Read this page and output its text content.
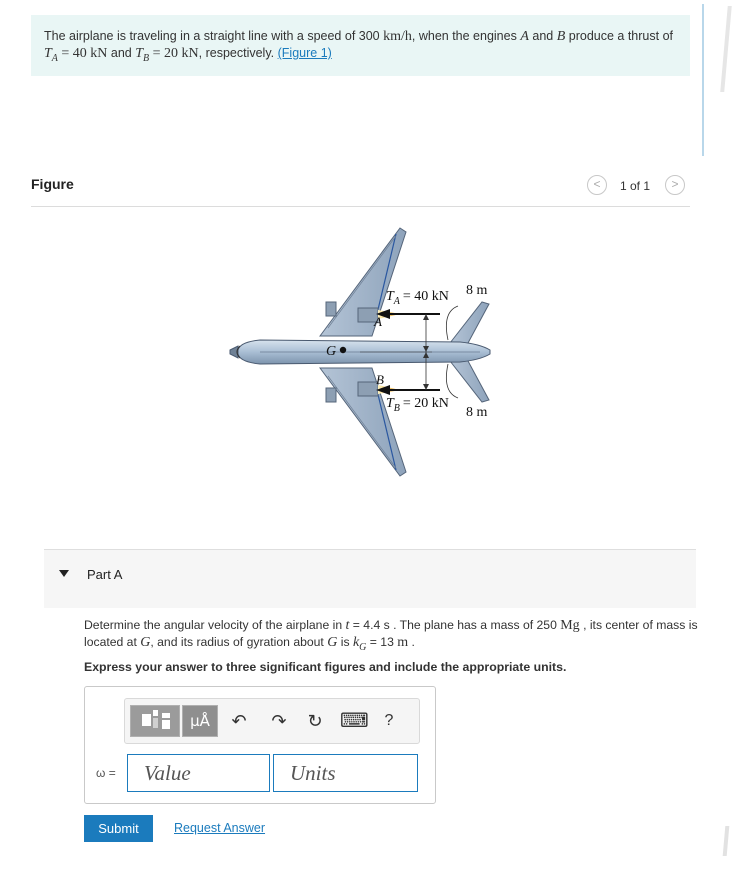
The airplane is traveling in a straight line with a speed of 300 km/h, when the engines A and B produce a thrust of $T_A = 40$ kN and $T_B = 20$ kN, respectively. (Figure 1)
Figure	<	1 of 1	>
$T_A = 40$ kN
$T_B = 20$ kN
8 m
8 m
A
B
G
Part A
Determine the angular velocity of the airplane in t = 4.4 s . The plane has a mass of 250 Mg , its center of mass is located at G, and its radius of gyration about G is $k_G = 13$ m .
Express your answer to three significant figures and include the appropriate units.
μÅ	↶ ↷ ↻ ⌨ ?
ω =	Value	Units
Submit	Request Answer
